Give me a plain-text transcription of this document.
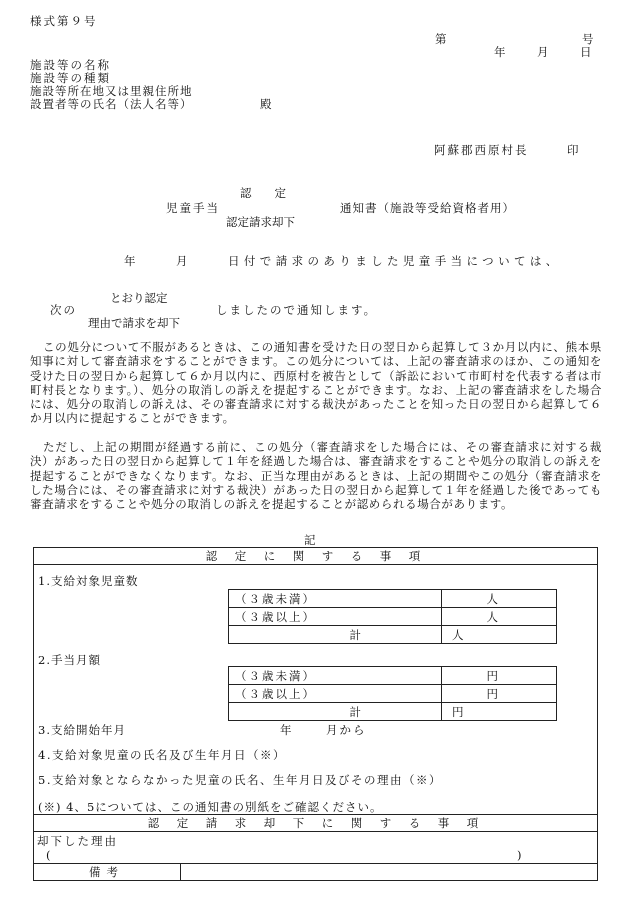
様式第９号
第	号
年	月	日
施設等の名称
施設等の種類
施設等所在地又は里親住所地
設置者等の氏名（法人名等）	殿
阿蘇郡西原村長	印
認　　定
児童手当
認定請求却下
通知書（施設等受給資格者用）
年	月	日付で請求のありました児童手当については、
とおり認定
次の
理由で請求を却下
しましたので通知します。
この処分について不服があるときは、この通知書を受けた日の翌日から起算して３か月以内に、熊本県知事に対して審査請求をすることができます。この処分については、上記の審査請求のほか、この通知を受けた日の翌日から起算して６か月以内に、西原村を被告として（訴訟において市町村を代表する者は市町村長となります。）、処分の取消しの訴えを提起することができます。なお、上記の審査請求をした場合には、処分の取消しの訴えは、その審査請求に対する裁決があったことを知った日の翌日から起算して６か月以内に提起することができます。
ただし、上記の期間が経過する前に、この処分（審査請求をした場合には、その審査請求に対する裁決）があった日の翌日から起算して１年を経過した場合は、審査請求をすることや処分の取消しの訴えを提起することができなくなります。なお、正当な理由があるときは、上記の期間やこの処分（審査請求をした場合には、その審査請求に対する裁決）があった日の翌日から起算して１年を経過した後であっても審査請求をすることや処分の取消しの訴えを提起することが認められる場合があります。
記
認　定　に　関　す　る　事　項
1.支給対象児童数
（３歳未満）	人
（３歳以上）	人
計	人
2.手当月額
（３歳未満）	円
（３歳以上）	円
計	円
3.支給開始年月	年	月から
4.支給対象児童の氏名及び生年月日（※）
5.支給対象とならなかった児童の氏名、生年月日及びその理由（※）
(※) 4、5については、この通知書の別紙をご確認ください。
認　定　請　求　却　下　に　関　す　る　事　項
却下した理由
(	)
備考
